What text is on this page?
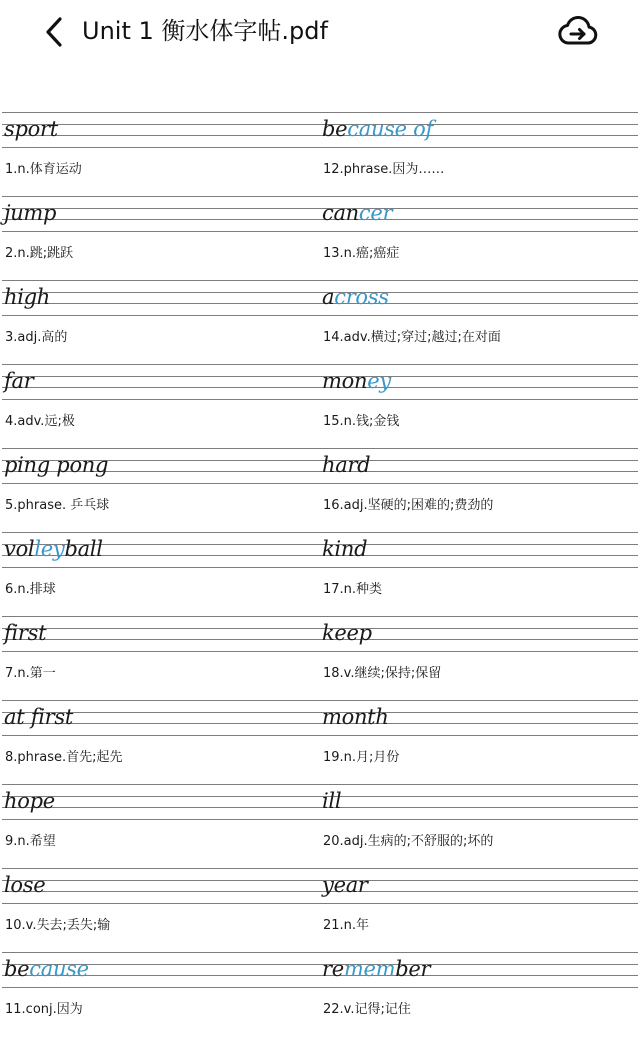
Unit 1 衡水体字帖.pdf
sport
1.n.体育运动
because of
12.phrase.因为……
jump
2.n.跳;跳跃
cancer
13.n.癌;癌症
high
3.adj.高的
across
14.adv.横过;穿过;越过;在对面
far
4.adv.远;极
money
15.n.钱;金钱
ping pong
5.phrase. 乒乓球
hard
16.adj.坚硬的;困难的;费劲的
volleyball
6.n.排球
kind
17.n.种类
first
7.n.第一
keep
18.v.继续;保持;保留
at first
8.phrase.首先;起先
month
19.n.月;月份
hope
9.n.希望
ill
20.adj.生病的;不舒服的;坏的
lose
10.v.失去;丢失;输
year
21.n.年
because
11.conj.因为
remember
22.v.记得;记住
